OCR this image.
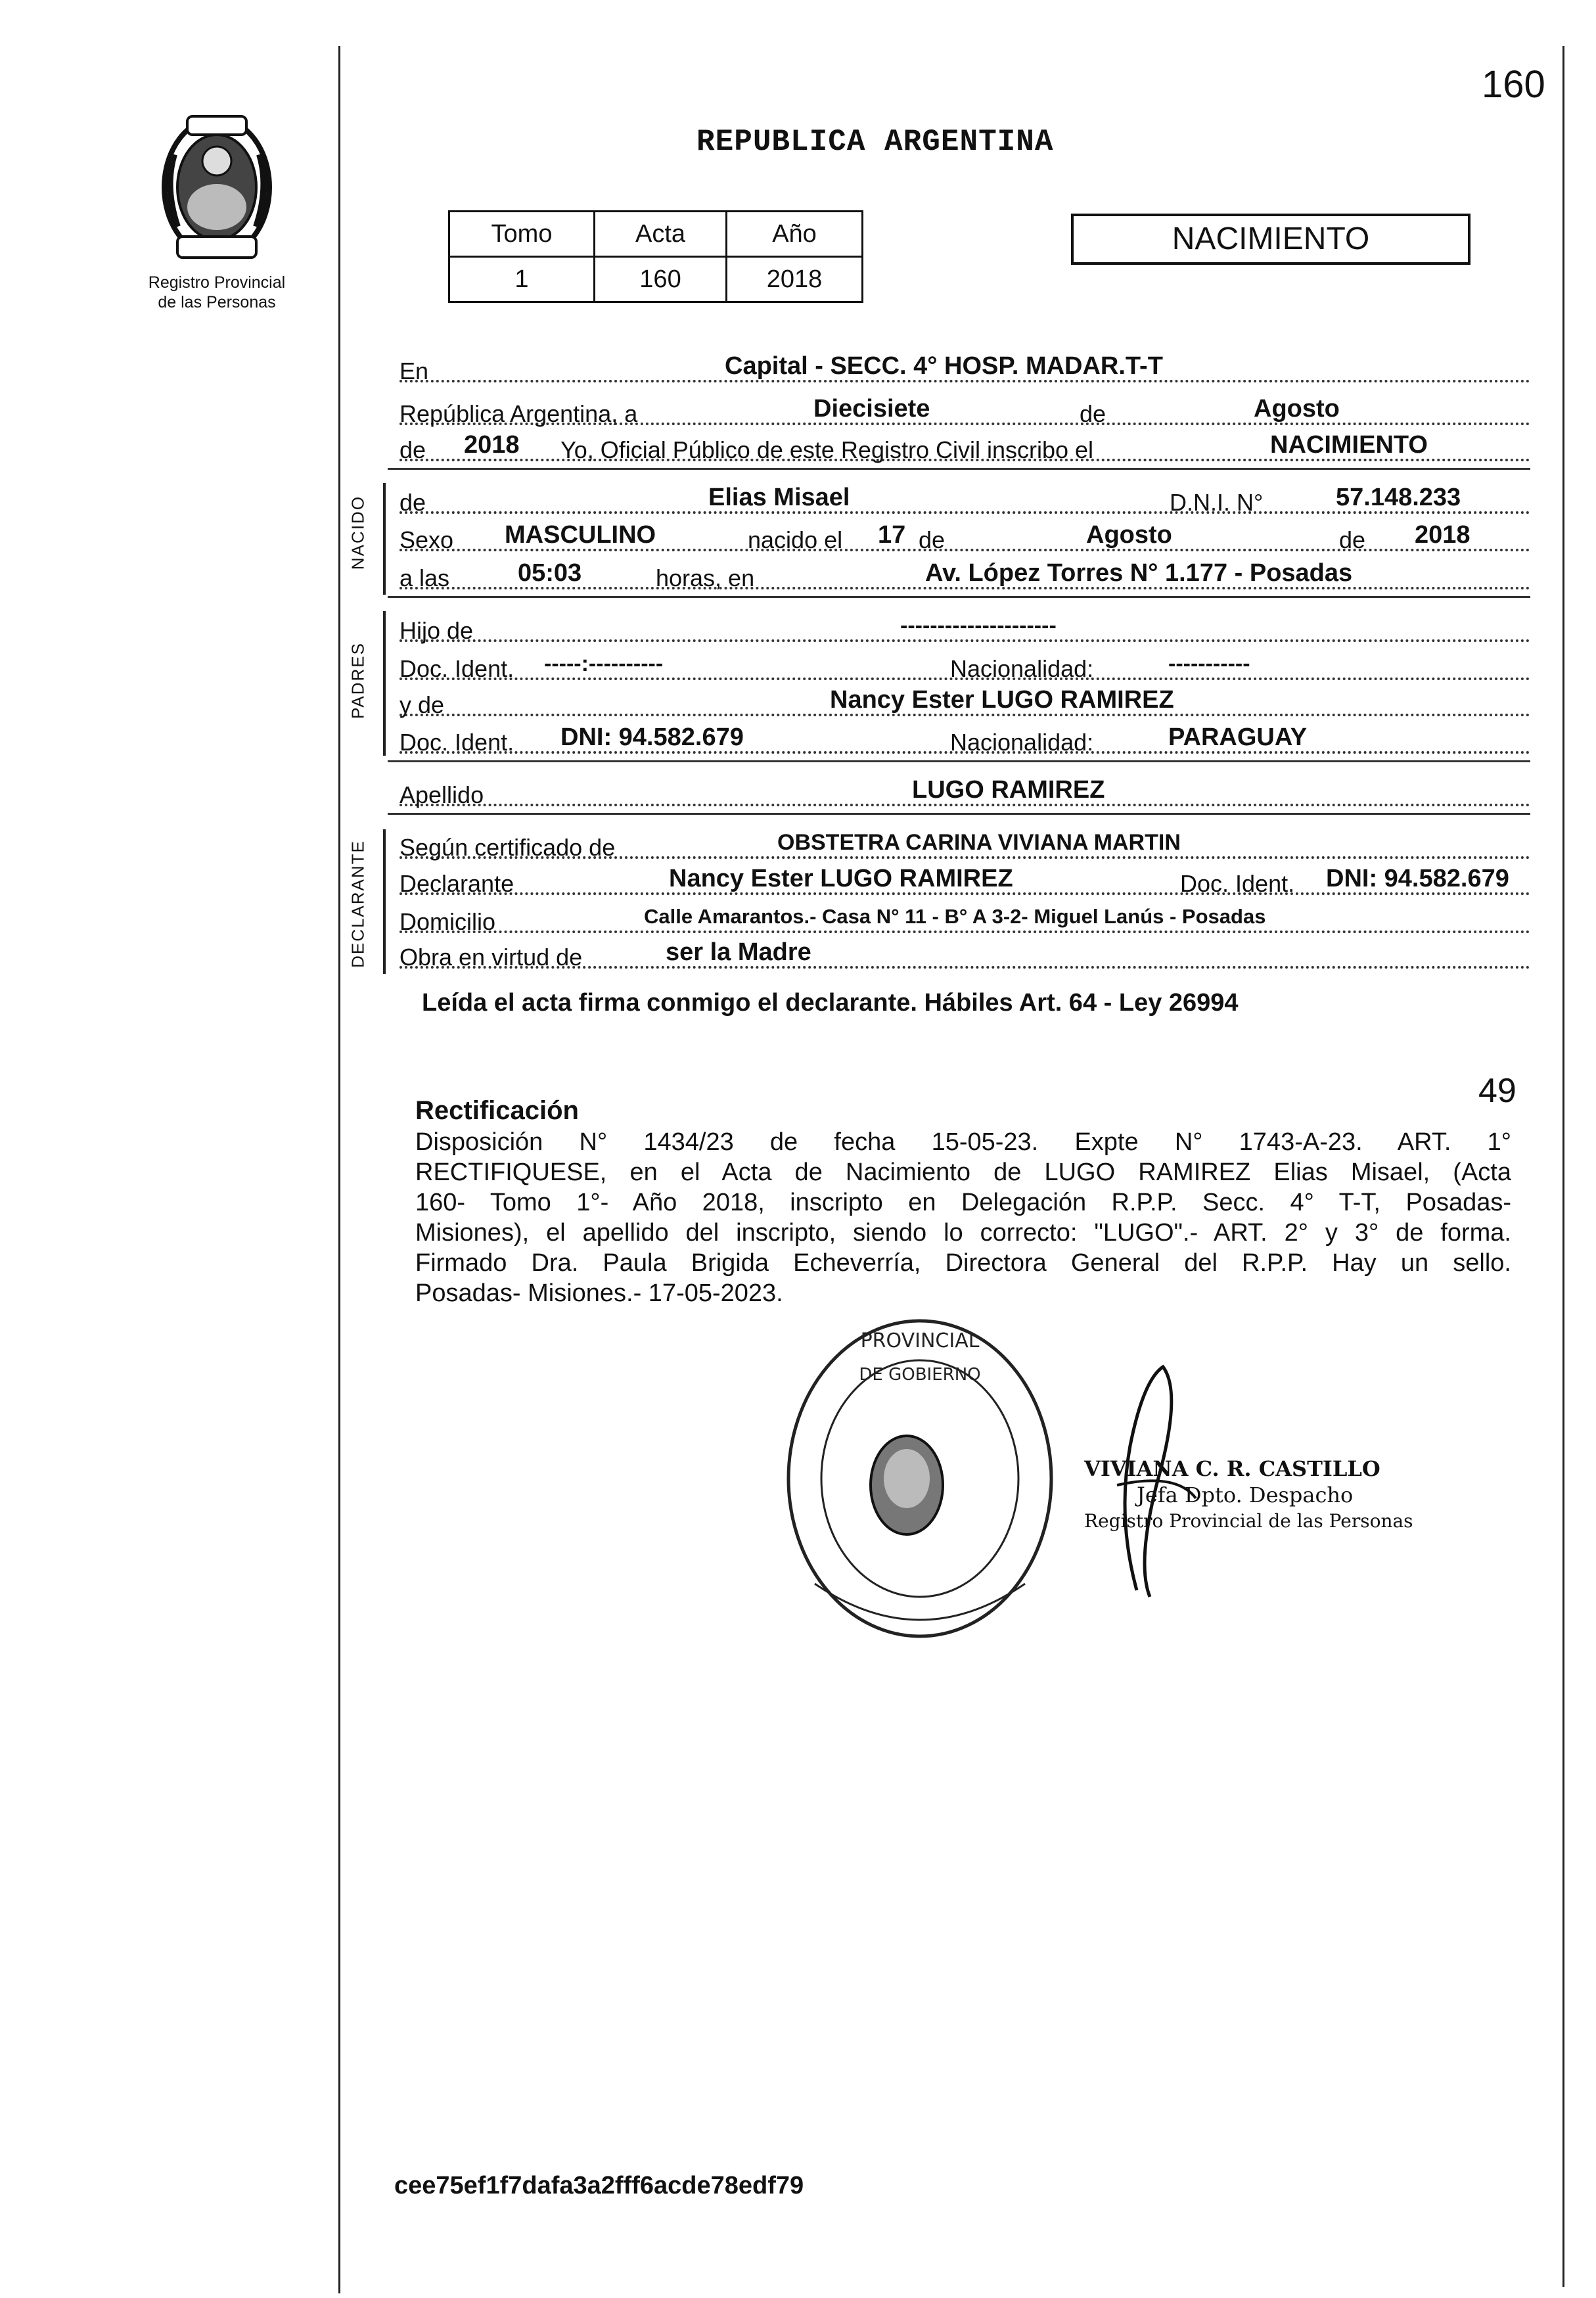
Registro Provincial
de las Personas
160
REPUBLICA ARGENTINA
Tomo	Acta	Año
1	160	2018
NACIMIENTO
En	Capital - SECC. 4° HOSP. MADAR.T-T
República Argentina, a	Diecisiete	de	Agosto
de 2018 Yo, Oficial Público de este Registro Civil inscribo el	NACIMIENTO
NACIDO de	Elias Misael	D.N.I. N°	57.148.233
Sexo MASCULINO	nacido el 17 de	Agosto	de 2018
a las	05:03	horas, en	Av. López Torres N° 1.177 - Posadas
PADRES
Hijo de	---------------------
Doc. Ident. -----:----------	Nacionalidad:	-----------
y de	Nancy Ester LUGO RAMIREZ
Doc. Ident. DNI: 94.582.679	Nacionalidad:	PARAGUAY
Apellido	LUGO RAMIREZ
DECLARANTE Según certificado de	OBSTETRA CARINA VIVIANA MARTIN
Declarante	Nancy Ester LUGO RAMIREZ	Doc. Ident. DNI: 94.582.679
Domicilio	Calle Amarantos.- Casa N° 11 - B° A 3-2- Miguel Lanús - Posadas
Obra en virtud de	ser la Madre
Leída el acta firma conmigo el declarante. Hábiles Art. 64 - Ley 26994
49
Rectificación
Disposición N° 1434/23 de fecha 15-05-23. Expte N° 1743-A-23. ART. 1°
RECTIFIQUESE, en el Acta de Nacimiento de LUGO RAMIREZ Elias Misael, (Acta
160- Tomo 1°- Año 2018, inscripto en Delegación R.P.P. Secc. 4° T-T, Posadas-
Misiones), el apellido del inscripto, siendo lo correcto: "LUGO".- ART. 2° y 3° de forma.
Firmado Dra. Paula Brigida Echeverría, Directora General del R.P.P. Hay un sello.
Posadas- Misiones.- 17-05-2023.
PROVINCIAL
DE GOBIERNO
VIVIANA C. R. CASTILLO
Jefa Dpto. Despacho
Registro Provincial de las Personas
cee75ef1f7dafa3a2fff6acde78edf79
